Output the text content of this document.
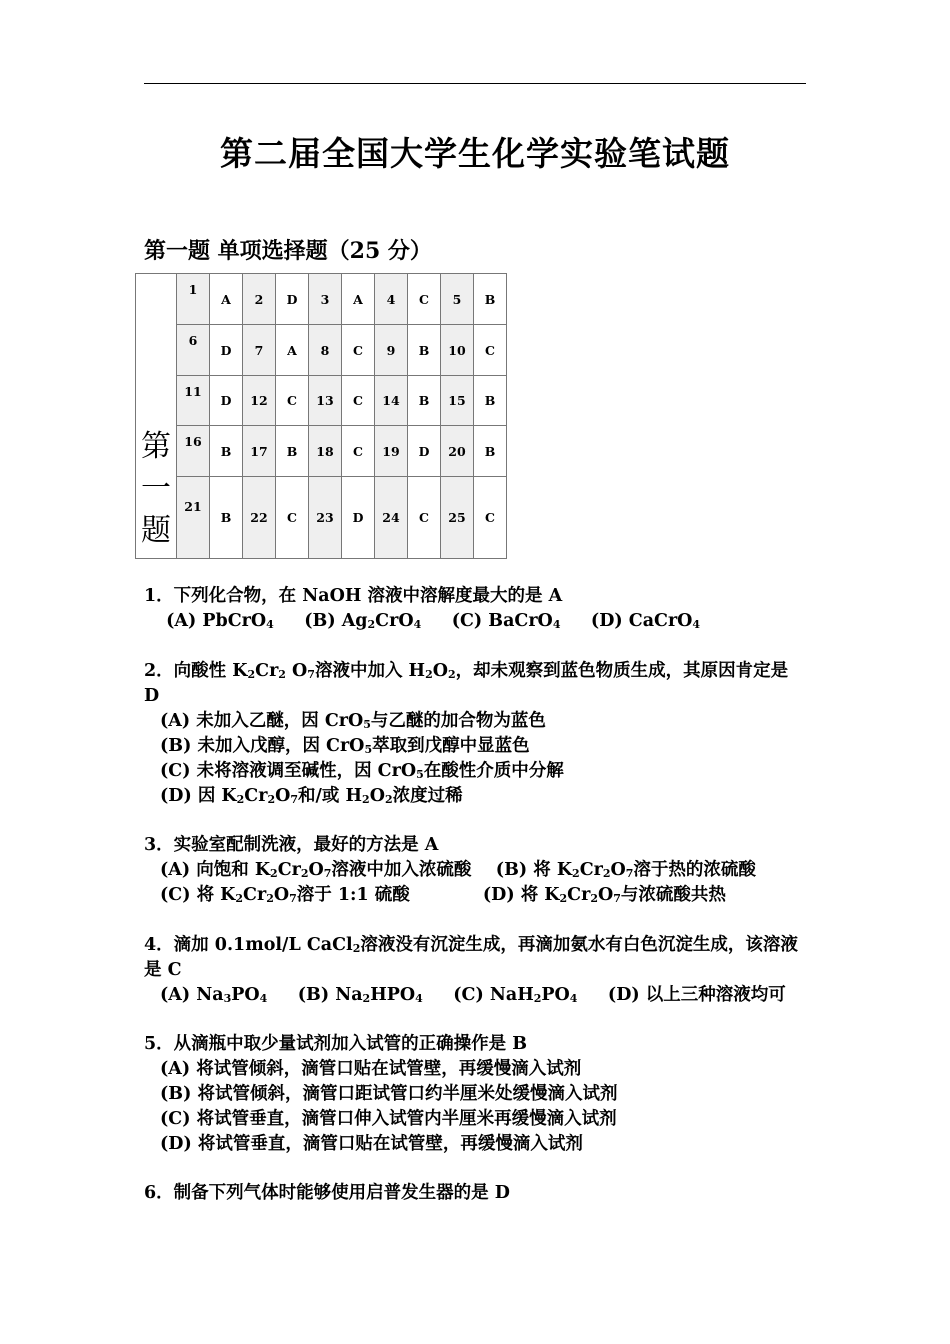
第二届全国大学生化学实验笔试题
第一题 单项选择题（25 分）
第
一
题	1	A	2	D	3	A	4	C	5	B
	6	D	7	A	8	C	9	B	10	C
	11	D	12	C	13	C	14	B	15	B
	16	B	17	B	18	C	19	D	20	B
	21	B	22	C	23	D	24	C	25	C
1．下列化合物，在 NaOH 溶液中溶解度最大的是 A
(A) PbCrO$_4$     (B) $Ag_2CrO_4$     (C) BaCrO$_4$     (D) CaCrO$_4$
2．向酸性 $K_2Cr_2$ $O_7$溶液中加入 $H_2O_2$，却未观察到蓝色物质生成，其原因肯定是 D
(A) 未加入乙醚，因 CrO$_5$与乙醚的加合物为蓝色
(B) 未加入戊醇，因 CrO$_5$萃取到戊醇中显蓝色
(C) 未将溶液调至碱性，因 CrO$_5$在酸性介质中分解
(D) 因 $K_2Cr_2O_7$和/或 $H_2O_2$浓度过稀
3．实验室配制洗液，最好的方法是 A
(A) 向饱和 $K_2Cr_2O_7$溶液中加入浓硫酸    (B) 将 $K_2Cr_2O_7$溶于热的浓硫酸
(C) 将 $K_2Cr_2O_7$溶于 1:1 硫酸            (D) 将 $K_2Cr_2O_7$与浓硫酸共热
4．滴加 0.1mol/L CaCl$_2$溶液没有沉淀生成，再滴加氨水有白色沉淀生成，该溶液是 C
(A) $Na_3PO_4$     (B) $Na_2HPO_4$     (C) $NaH_2PO_4$     (D) 以上三种溶液均可
5．从滴瓶中取少量试剂加入试管的正确操作是 B
(A) 将试管倾斜，滴管口贴在试管壁，再缓慢滴入试剂
(B) 将试管倾斜，滴管口距试管口约半厘米处缓慢滴入试剂
(C) 将试管垂直，滴管口伸入试管内半厘米再缓慢滴入试剂
(D) 将试管垂直，滴管口贴在试管壁，再缓慢滴入试剂
6．制备下列气体时能够使用启普发生器的是 D
